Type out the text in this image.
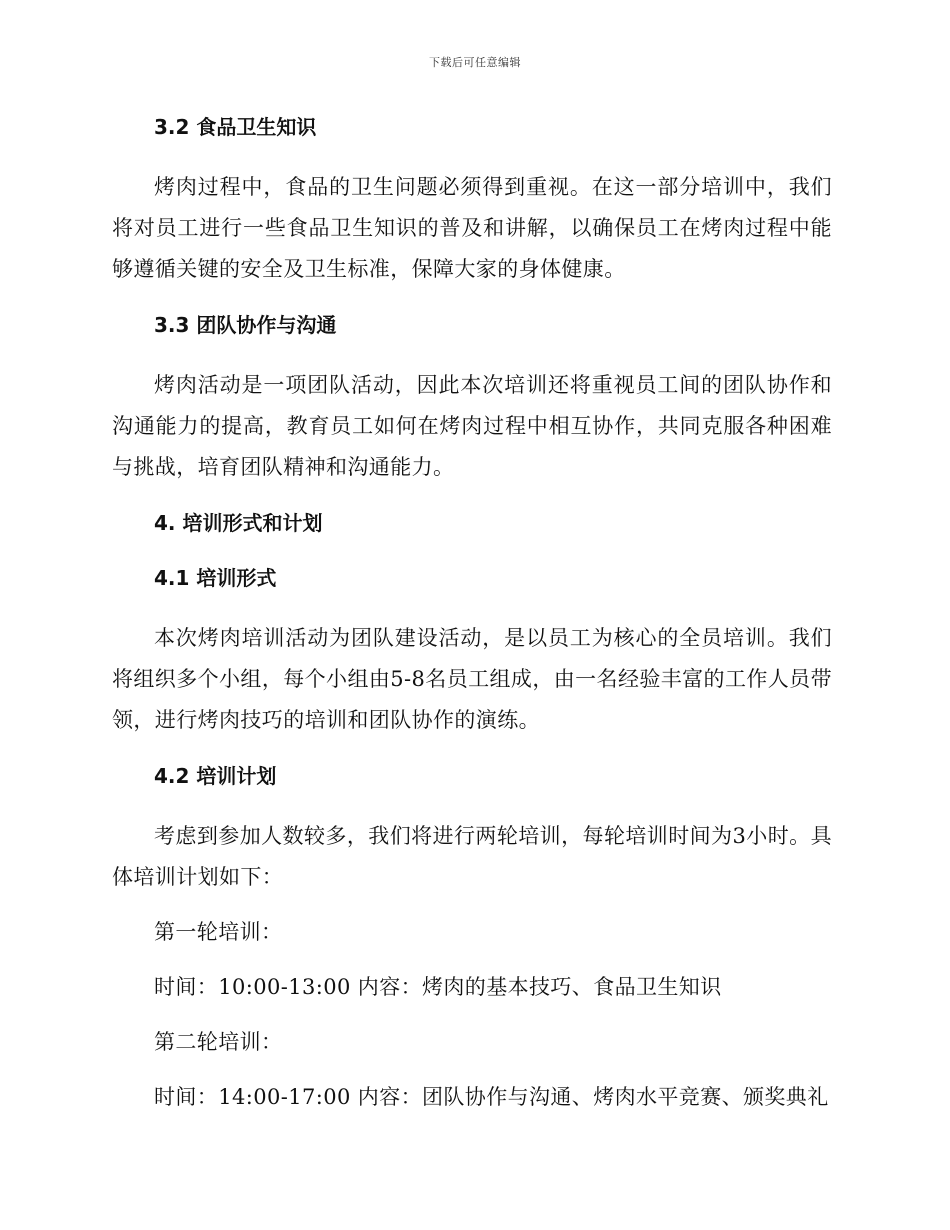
下载后可任意编辑
3.2 食品卫生知识

烤肉过程中，食品的卫生问题必须得到重视。在这一部分培训中，我们将对员工进行一些食品卫生知识的普及和讲解，以确保员工在烤肉过程中能够遵循关键的安全及卫生标准，保障大家的身体健康。

3.3 团队协作与沟通

烤肉活动是一项团队活动，因此本次培训还将重视员工间的团队协作和沟通能力的提高，教育员工如何在烤肉过程中相互协作，共同克服各种困难与挑战，培育团队精神和沟通能力。

4. 培训形式和计划
4.1 培训形式

本次烤肉培训活动为团队建设活动，是以员工为核心的全员培训。我们将组织多个小组，每个小组由5-8名员工组成，由一名经验丰富的工作人员带领，进行烤肉技巧的培训和团队协作的演练。

4.2 培训计划

考虑到参加人数较多，我们将进行两轮培训，每轮培训时间为3小时。具体培训计划如下：

第一轮培训：
时间：10:00-13:00 内容：烤肉的基本技巧、食品卫生知识
第二轮培训：
时间：14:00-17:00 内容：团队协作与沟通、烤肉水平竞赛、颁奖典礼
